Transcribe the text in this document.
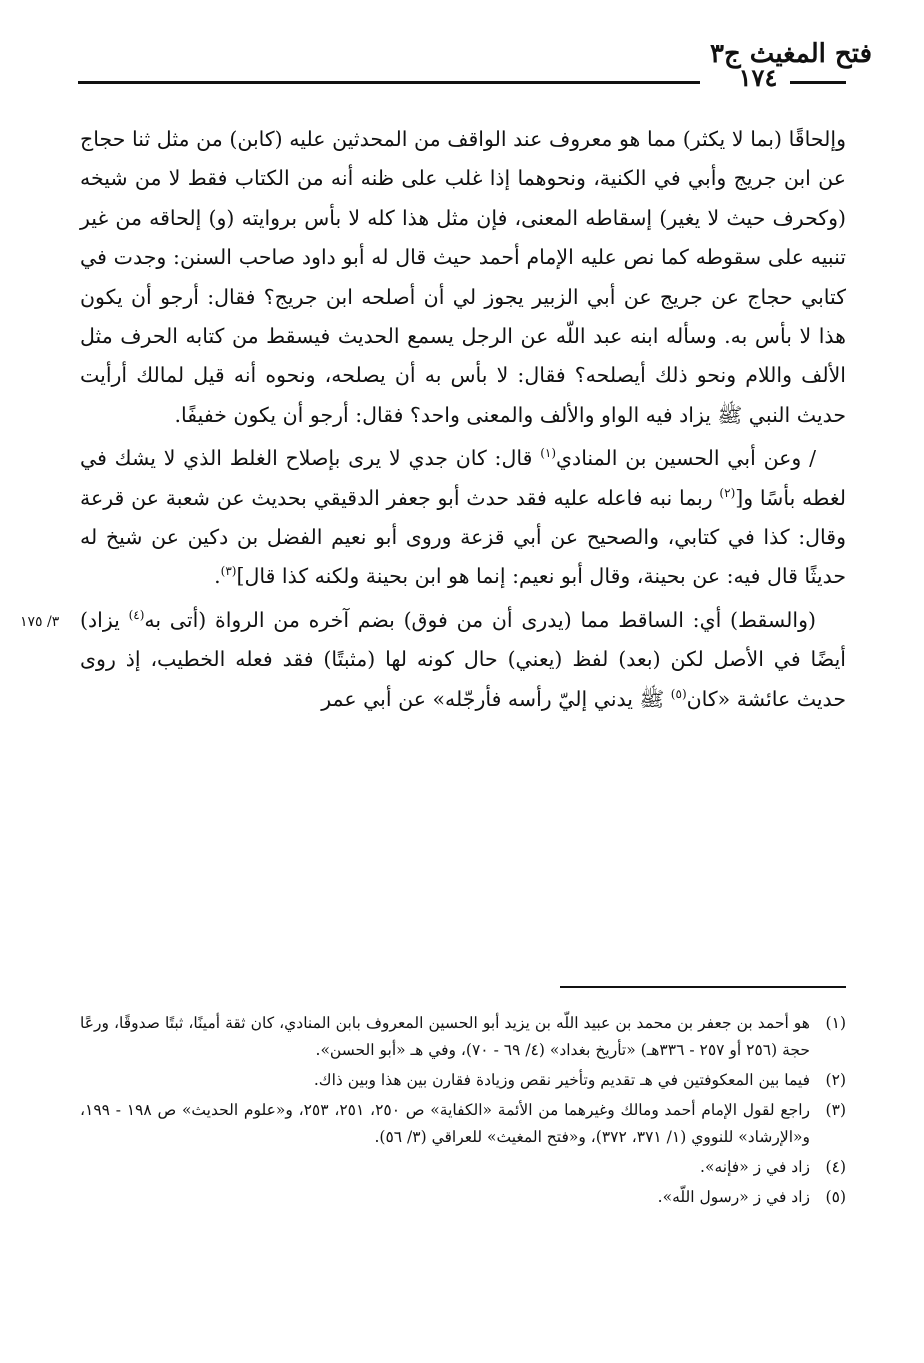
فتح المغيث ج٣
١٧٤
٣/ ١٧٥

وإلحاقًا (بما لا يكثر) مما هو معروف عند الواقف من المحدثين عليه (كابن) من مثل ثنا حجاج عن ابن جريج وأبي في الكنية، ونحوهما إذا غلب على ظنه أنه من الكتاب فقط لا من شيخه (وكحرف حيث لا يغير) إسقاطه المعنى، فإن مثل هذا كله لا بأس بروايته (و) إلحاقه من غير تنبيه على سقوطه كما نص عليه الإمام أحمد حيث قال له أبو داود صاحب السنن: وجدت في كتابي حجاج عن جريج عن أبي الزبير يجوز لي أن أصلحه ابن جريج؟ فقال: أرجو أن يكون هذا لا بأس به. وسأله ابنه عبد اللّه عن الرجل يسمع الحديث فيسقط من كتابه الحرف مثل الألف واللام ونحو ذلك أيصلحه؟ فقال: لا بأس به أن يصلحه، ونحوه أنه قيل لمالك أرأيت حديث النبي ﷺ يزاد فيه الواو والألف والمعنى واحد؟ فقال: أرجو أن يكون خفيفًا.

/ وعن أبي الحسين بن المنادي$^{(١)}$ قال: كان جدي لا يرى بإصلاح الغلط الذي لا يشك في لغطه بأسًا و[$^{(٢)}$ ربما نبه فاعله عليه فقد حدث أبو جعفر الدقيقي بحديث عن شعبة عن قرعة وقال: كذا في كتابي، والصحيح عن أبي قزعة وروى أبو نعيم الفضل بن دكين عن شيخ له حديثًا قال فيه: عن بحينة، وقال أبو نعيم: إنما هو ابن بحينة ولكنه كذا قال]$^{(٣)}$.

(والسقط) أي: الساقط مما (يدرى أن من فوق) بضم آخره من الرواة (أتى به$^{(٤)}$ يزاد) أيضًا في الأصل لكن (بعد) لفظ (يعني) حال كونه لها (مثبتًا) فقد فعله الخطيب، إذ روى حديث عائشة «كان$^{(٥)}$ ﷺ يدني إليّ رأسه فأرجّله» عن أبي عمر

(١)
هو أحمد بن جعفر بن محمد بن عبيد اللّه بن يزيد أبو الحسين المعروف بابن المنادي، كان ثقة أمينًا، ثبتًا صدوقًا، ورعًا حجة (٢٥٦ أو ٢٥٧ - ٣٣٦هـ) «تأريخ بغداد» (٤/ ٦٩ - ٧٠)، وفي هـ «أبو الحسن».

(٢)
فيما بين المعكوفتين في هـ تقديم وتأخير نقص وزيادة فقارن بين هذا وبين ذاك.

(٣)
راجع لقول الإمام أحمد ومالك وغيرهما من الأئمة «الكفاية» ص ٢٥٠، ٢٥١، ٢٥٣، و«علوم الحديث» ص ١٩٨ - ١٩٩، و«الإرشاد» للنووي (١/ ٣٧١، ٣٧٢)، و«فتح المغيث» للعراقي (٣/ ٥٦).

(٤)
زاد في ز «فإنه».

(٥)
زاد في ز «رسول اللّه».
